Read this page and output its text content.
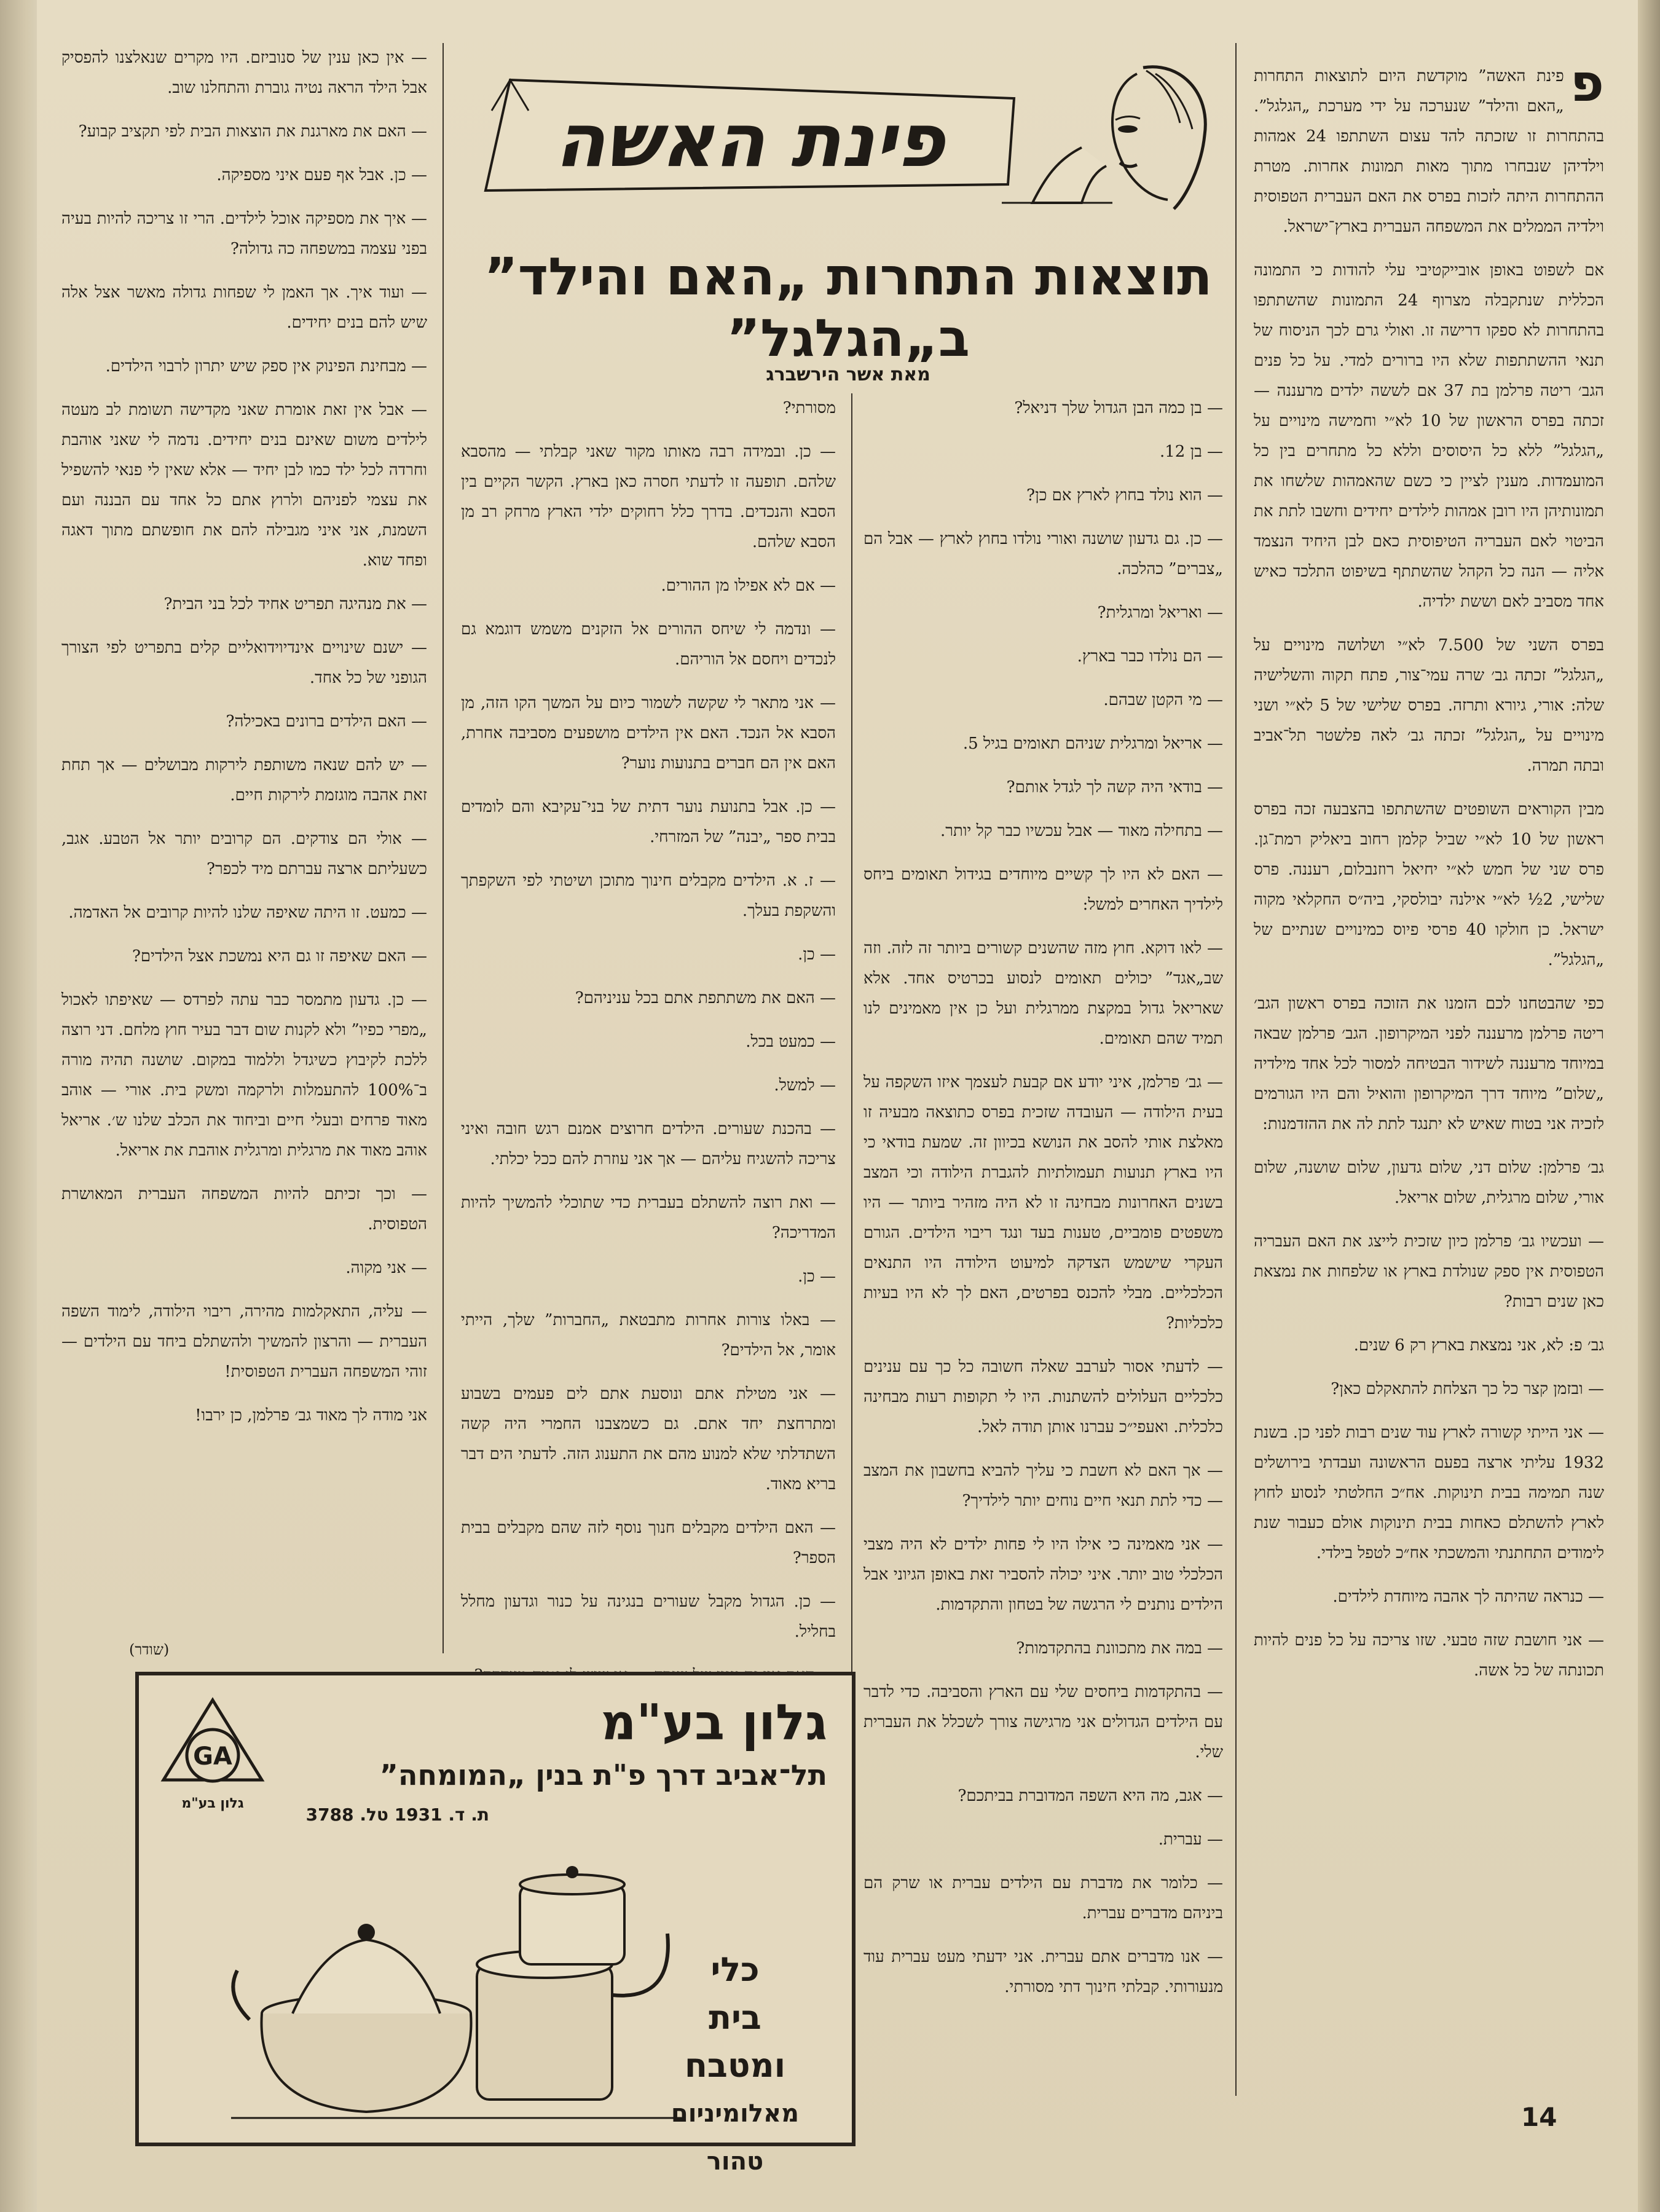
פינת האשה
תוצאות התחרות „האם והילד”
ב„הגלגל”
מאת אשר הירשברג

פ
פינת האשה” מוקדשת היום לתוצאות התחרות „האם והילד” שנערכה על ידי מערכת „הגלגל”. בהתחרות זו שזכתה להד עצום השתתפו 24 אמהות וילדיהן שנבחרו מתוך מאות תמונות אחרות. מטרת ההתחרות היתה לזכות בפרס את האם העברית הטפוסית וילדיה הממלים את המשפחה העברית בארץ־ישראל.

אם לשפוט באופן אובייקטיבי עלי להודות כי התמונה הכללית שנתקבלה מצרוף 24 התמונות שהשתתפו בהתחרות לא ספקו דרישה זו. ואולי גרם לכך הניסוח של תנאי ההשתתפות שלא היו ברורים למדי. על כל פנים הגב׳ ריטה פרלמן בת 37 אם לששה ילדים מרעננה — זכתה בפרס הראשון של 10 לא״י וחמישה מינויים על „הגלגל” ללא כל היסוסים וללא כל מתחרים בין כל המועמדות. מענין לציין כי כשם שהאמהות שלשחו את תמונותיהן היו רובן אמהות לילדים יחידים וחשבו לתת את הביטוי לאם העבריה הטיפוסית כאם לבן היחיד הנצמד אליה — הנה כל הקהל שהשתתף בשיפוט התלכד כאיש אחד מסביב לאם וששת ילדיה.

בפרס השני של 7.500 לא״י ושלושה מינויים על „הגלגל” זכתה גב׳ שרה עמי־צור, פתח תקוה והשלישיה שלה: אורי, גיורא ותרזה. בפרס שלישי של 5 לא״י ושני מינויים על „הגלגל” זכתה גב׳ לאה פלשטר תל־אביב ובתה תמרה.

מבין הקוראים השופטים שהשתתפו בהצבעה זכה בפרס ראשון של 10 לא״י שביל קלמן רחוב ביאליק רמת־גן. פרס שני של חמש לא״י יחיאל רוזנבלום, רעננה. פרס שלישי, 2½ לא״י אילנה יבולסקי, ביה״ס החקלאי מקוה ישראל. כן חולקו 40 פרסי פיוס כמינויים שנתיים של „הגלגל”.

כפי שהבטחנו לכם הזמנו את הזוכה בפרס ראשון הגב׳ ריטה פרלמן מרעננה לפני המיקרופון. הגב׳ פרלמן שבאה במיוחד מרעננה לשידור הבטיחה למסור לכל אחד מילדיה „שלום” מיוחד דרך המיקרופון והואיל והם היו הגורמים לזכיה אני בטוח שאיש לא יתנגד לתת לה את ההזדמנות:

גב׳ פרלמן: שלום דני, שלום גדעון, שלום שושנה, שלום אורי, שלום מרגלית, שלום אריאל.

— ועכשיו גב׳ פרלמן כיון שזכית לייצג את האם העבריה הטפוסית אין ספק שנולדת בארץ או שלפחות את נמצאת כאן שנים רבות?

גב׳ פ: לא, אני נמצאת בארץ רק 6 שנים.

— ובזמן קצר כל כך הצלחת להתאקלם כאן?

— אני הייתי קשורה לארץ עוד שנים רבות לפני כן. בשנת 1932 עליתי ארצה בפעם הראשונה ועבדתי בירושלים שנה תמימה בבית תינוקות. אח״כ החלטתי לנסוע לחוץ לארץ להשתלם כאחות בבית תינוקות אולם כעבור שנת לימודים התחתנתי והמשכתי אח״כ לטפל בילדי.

— כנראה שהיתה לך אהבה מיוחדת לילדים.

— אני חושבת שזה טבעי. שזו צריכה על כל פנים להיות תכונתה של כל אשה.

— בן כמה הבן הגדול שלך דניאל?

— בן 12.

— הוא נולד בחוץ לארץ אם כן?

— כן. גם גדעון שושנה ואורי נולדו בחוץ לארץ — אבל הם „צברים” כהלכה.

— ואריאל ומרגלית?

— הם נולדו כבר בארץ.

— מי הקטן שבהם.

— אריאל ומרגלית שניהם תאומים בגיל 5.

— בודאי היה קשה לך לגדל אותם?

— בתחילה מאוד — אבל עכשיו כבר קל יותר.

— האם לא היו לך קשיים מיוחדים בגידול תאומים ביחס לילדיך האחרים למשל:

— לאו דוקא. חוץ מזה שהשנים קשורים ביותר זה לזה. וזה שב„אגד” יכולים תאומים לנסוע בכרטיס אחד. אלא שאריאל גדול במקצת ממרגלית ועל כן אין מאמינים לנו תמיד שהם תאומים.

— גב׳ פרלמן, איני יודע אם קבעת לעצמך איזו השקפה על בעית הילודה — העובדה שזכית בפרס כתוצאה מבעיה זו מאלצת אותי להסב את הנושא בכיוון זה. שמעת בודאי כי היו בארץ תנועות תעמולתיות להגברת הילודה וכי המצב בשנים האחרונות מבחינה זו לא היה מזהיר ביותר — היו משפטים פומביים, טענות בעד ונגד ריבוי הילדים. הגורם העקרי שישמש הצדקה למיעוט הילודה היו התנאים הכלכליים. מבלי להכנס בפרטים, האם לך לא היו בעיות כלכליות?

— לדעתי אסור לערבב שאלה חשובה כל כך עם ענינים כלכליים העלולים להשתנות. היו לי תקופות רעות מבחינה כלכלית. ואעפי״כ עברנו אותן תודה לאל.

— אך האם לא חשבת כי עליך להביא בחשבון את המצב — כדי לתת תנאי חיים נוחים יותר לילדיך?

— אני מאמינה כי אילו היו לי פחות ילדים לא היה מצבי הכלכלי טוב יותר. איני יכולה להסביר זאת באופן הגיוני אבל הילדים נותנים לי הרגשה של בטחון והתקדמות.

— במה את מתכוונת בהתקדמות?

— בהתקדמות ביחסים שלי עם הארץ והסביבה. כדי לדבר עם הילדים הגדולים אני מרגישה צורך לשכלל את העברית שלי.

— אגב, מה היא השפה המדוברת בביתכם?

— עברית.

— כלומר את מדברת עם הילדים עברית או שרק הם ביניהם מדברים עברית.

— אנו מדברים אתם עברית. אני ידעתי מעט עברית עוד מנעורותי. קבלתי חינוך דתי מסורתי.

מסורתי?

— כן. ובמידה רבה מאותו מקור שאני קבלתי — מהסבא שלהם. תופעה זו לדעתי חסרה כאן בארץ. הקשר הקיים בין הסבא והנכדים. בדרך כלל רחוקים ילדי הארץ מרחק רב מן הסבא שלהם.

— אם לא אפילו מן ההורים.

— ונדמה לי שיחס ההורים אל הזקנים משמש דוגמא גם לנכדים ויחסם אל הוריהם.

— אני מתאר לי שקשה לשמור כיום על המשך הקו הזה, מן הסבא אל הנכד. האם אין הילדים מושפעים מסביבה אחרת, האם אין הם חברים בתנועות נוער?

— כן. אבל בתנועת נוער דתית של בני־עקיבא והם לומדים בבית ספר „יבנה” של המזרחי.

— ז. א. הילדים מקבלים חינוך מתוכן ושיטתי לפי השקפתך והשקפת בעלך.

— כן.

— האם את משתתפת אתם בכל עניניהם?

— כמעט בכל.

— למשל.

— בהכנת שעורים. הילדים חרוצים אמנם רגש חובה ואיני צריכה להשגיח עליהם — אך אני עוזרת להם ככל יכלתי.

— ואת רוצה להשתלם בעברית כדי שתוכלי להמשיך להיות המדריכה?

— כן.

— באלו צורות אחרות מתבטאת „החברות” שלך, הייתי אומר, אל הילדים?

— אני מטילת אתם ונוסעת אתם לים פעמים בשבוע ומתרחצת יחד אתם. גם כשמצבנו החמרי היה קשה השתדלתי שלא למנוע מהם את התענוג הזה. לדעתי הים דבר בריא מאוד.

— האם הילדים מקבלים חנוך נוסף לזה שהם מקבלים בבית הספר?

— כן. הגדול מקבל שעורים בנגינה על כנור וגדעון מחלל בחליל.

— אין כאן ענין של סנוביזם. היו מקרים שנאלצנו להפסיק אבל הילד הראה נטיה גוברת והתחלנו שוב.

— האם את מארגנת את הוצאות הבית לפי תקציב קבוע?

— כן. אבל אף פעם איני מספיקה.

— איך את מספיקה אוכל לילדים. הרי זו צריכה להיות בעיה בפני עצמה במשפחה כה גדולה?

— ועוד איך. אך האמן לי שפחות גדולה מאשר אצל אלה שיש להם בנים יחידים.

— מבחינת הפינוק אין ספק שיש יתרון לרבוי הילדים.

— אבל אין זאת אומרת שאני מקדישה תשומת לב מעטה לילדים משום שאינם בנים יחידים. נדמה לי שאני אוהבת וחרדה לכל ילד כמו לבן יחיד — אלא שאין לי פנאי להשפיל את עצמי לפניהם ולרוץ אתם כל אחד עם הבננה ועם השמנת, אני איני מגבילה להם את חופשתם מתוך דאגה ופחד שוא.

— את מנהיגה תפריט אחיד לכל בני הבית?

— ישנם שינויים אינדיוידואליים קלים בתפריט לפי הצורך הגופני של כל אחד.

— האם הילדים ברונים באכילה?

— יש להם שנאה משותפת לירקות מבושלים — אך תחת זאת אהבה מוגזמת לירקות חיים.

— אולי הם צודקים. הם קרובים יותר אל הטבע. אגב, כשעליתם ארצה עברתם מיד לכפר?

— כמעט. זו היתה שאיפה שלנו להיות קרובים אל האדמה.

— האם שאיפה זו גם היא נמשכת אצל הילדים?

— כן. גדעון מתמסר כבר עתה לפרדס — שאיפתו לאכול „מפרי כפיו” ולא לקנות שום דבר בעיר חוץ מלחם. דני רוצה ללכת לקיבוץ כשיגדל וללמוד במקום. שושנה תהיה מורה ב־100% להתעמלות ולרקמה ומשק בית. אורי — אוהב מאוד פרחים ובעלי חיים וביחוד את הכלב שלנו ש׳. אריאל אוהב מאוד את מרגלית ומרגלית אוהבת את אריאל.

— וכך זכיתם להיות המשפחה העברית המאושרת הטפוסית.

— אני מקוה.

— עליה, התאקלמות מהירה, ריבוי הילודה, לימוד השפה העברית — והרצון להמשיך ולהשתלם ביחד עם הילדים — זוהי המשפחה העברית הטפוסית!

אני מודה לך מאוד גב׳ פרלמן, כן ירבו!

(שודר)
גלון בע"מ
תל־אביב דרך פ"ת בנין „המומחה”
ת. ד. 1931 טל. 3788
GA
גלון בע"מ
כלי
בית
ומטבח
מאלומיניום טהור
14
